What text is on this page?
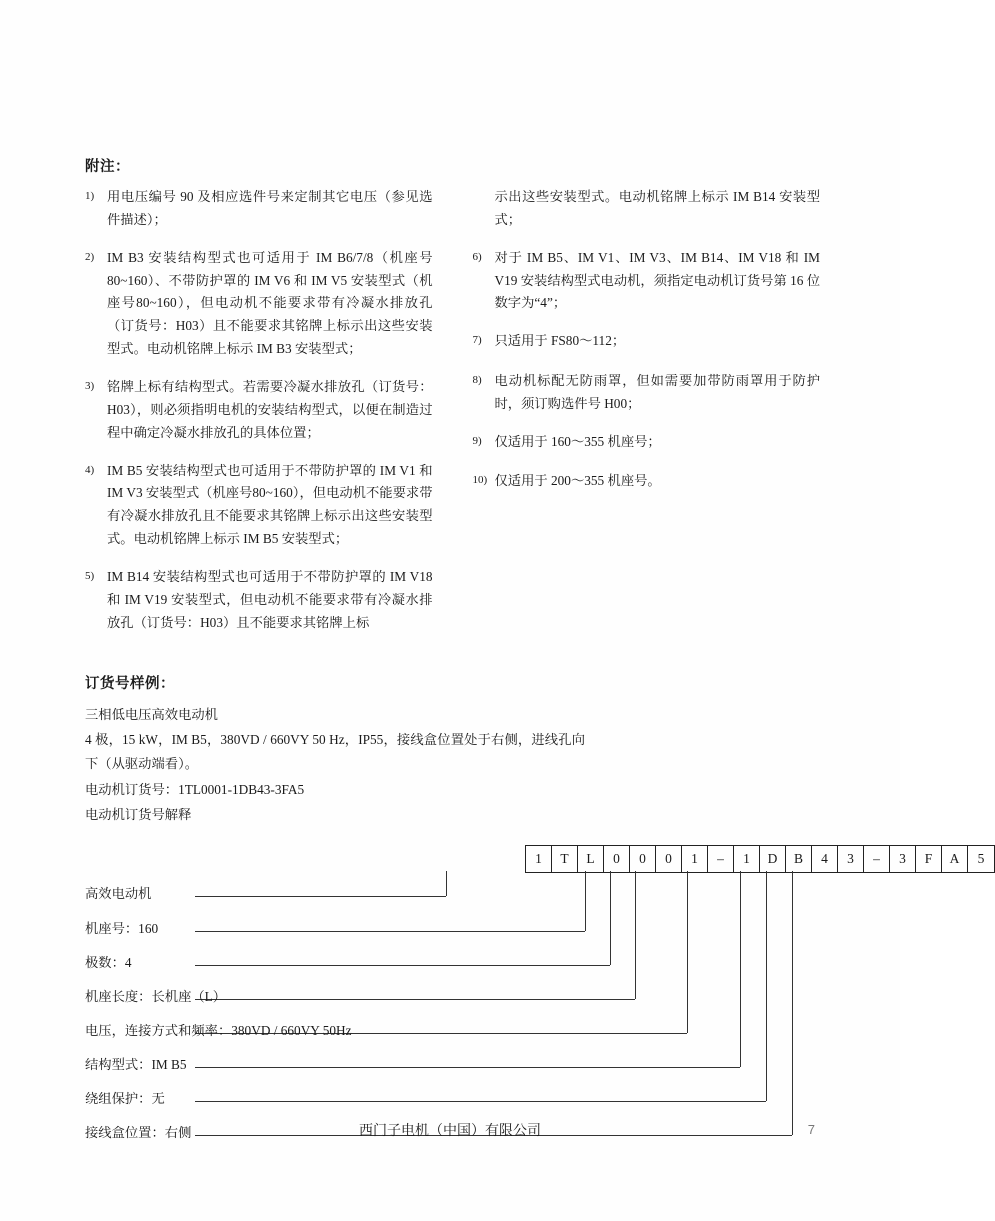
附注：
$^{1)}$ 用电压编号 90 及相应选件号来定制其它电压（参见选件描述）；
$^{2)}$ IM B3 安装结构型式也可适用于 IM B6/7/8（机座号 80~160）、不带防护罩的 IM V6 和 IM V5 安装型式（机座号80~160），但电动机不能要求带有冷凝水排放孔（订货号：H03）且不能要求其铭牌上标示出这些安装型式。电动机铭牌上标示 IM B3 安装型式；
$^{3)}$ 铭牌上标有结构型式。若需要冷凝水排放孔（订货号：H03），则必须指明电机的安装结构型式，以便在制造过程中确定冷凝水排放孔的具体位置；
$^{4)}$ IM B5 安装结构型式也可适用于不带防护罩的 IM V1 和 IM V3 安装型式（机座号80~160），但电动机不能要求带有冷凝水排放孔且不能要求其铭牌上标示出这些安装型式。电动机铭牌上标示 IM B5 安装型式；
$^{5)}$ IM B14 安装结构型式也可适用于不带防护罩的 IM V18 和 IM V19 安装型式，但电动机不能要求带有冷凝水排放孔（订货号：H03）且不能要求其铭牌上标
示出这些安装型式。电动机铭牌上标示 IM B14 安装型式；
$^{6)}$ 对于 IM B5、IM V1、IM V3、IM B14、IM V18 和 IM V19 安装结构型式电动机，须指定电动机订货号第 16 位数字为“4”；
$^{7)}$ 只适用于 FS80～112；
$^{8)}$ 电动机标配无防雨罩，但如需要加带防雨罩用于防护时，须订购选件号 H00；
$^{9)}$ 仅适用于 160～355 机座号；
$^{10)}$ 仅适用于 200～355 机座号。
订货号样例：
三相低电压高效电动机
4 极，15 kW，IM B5，380VD / 660VY 50 Hz，IP55，接线盒位置处于右侧，进线孔向下（从驱动端看）。
电动机订货号：1TL0001-1DB43-3FA5
电动机订货号解释
1	T	L	0	0	0	1	–	1	D	B	4	3	–	3	F	A	5
高效电动机
机座号：160
极数：4
机座长度：长机座（L）
电压，连接方式和频率：380VD / 660VY 50Hz
结构型式：IM B5
绕组保护：无
接线盒位置：右侧	西门子电机（中国）有限公司	7
